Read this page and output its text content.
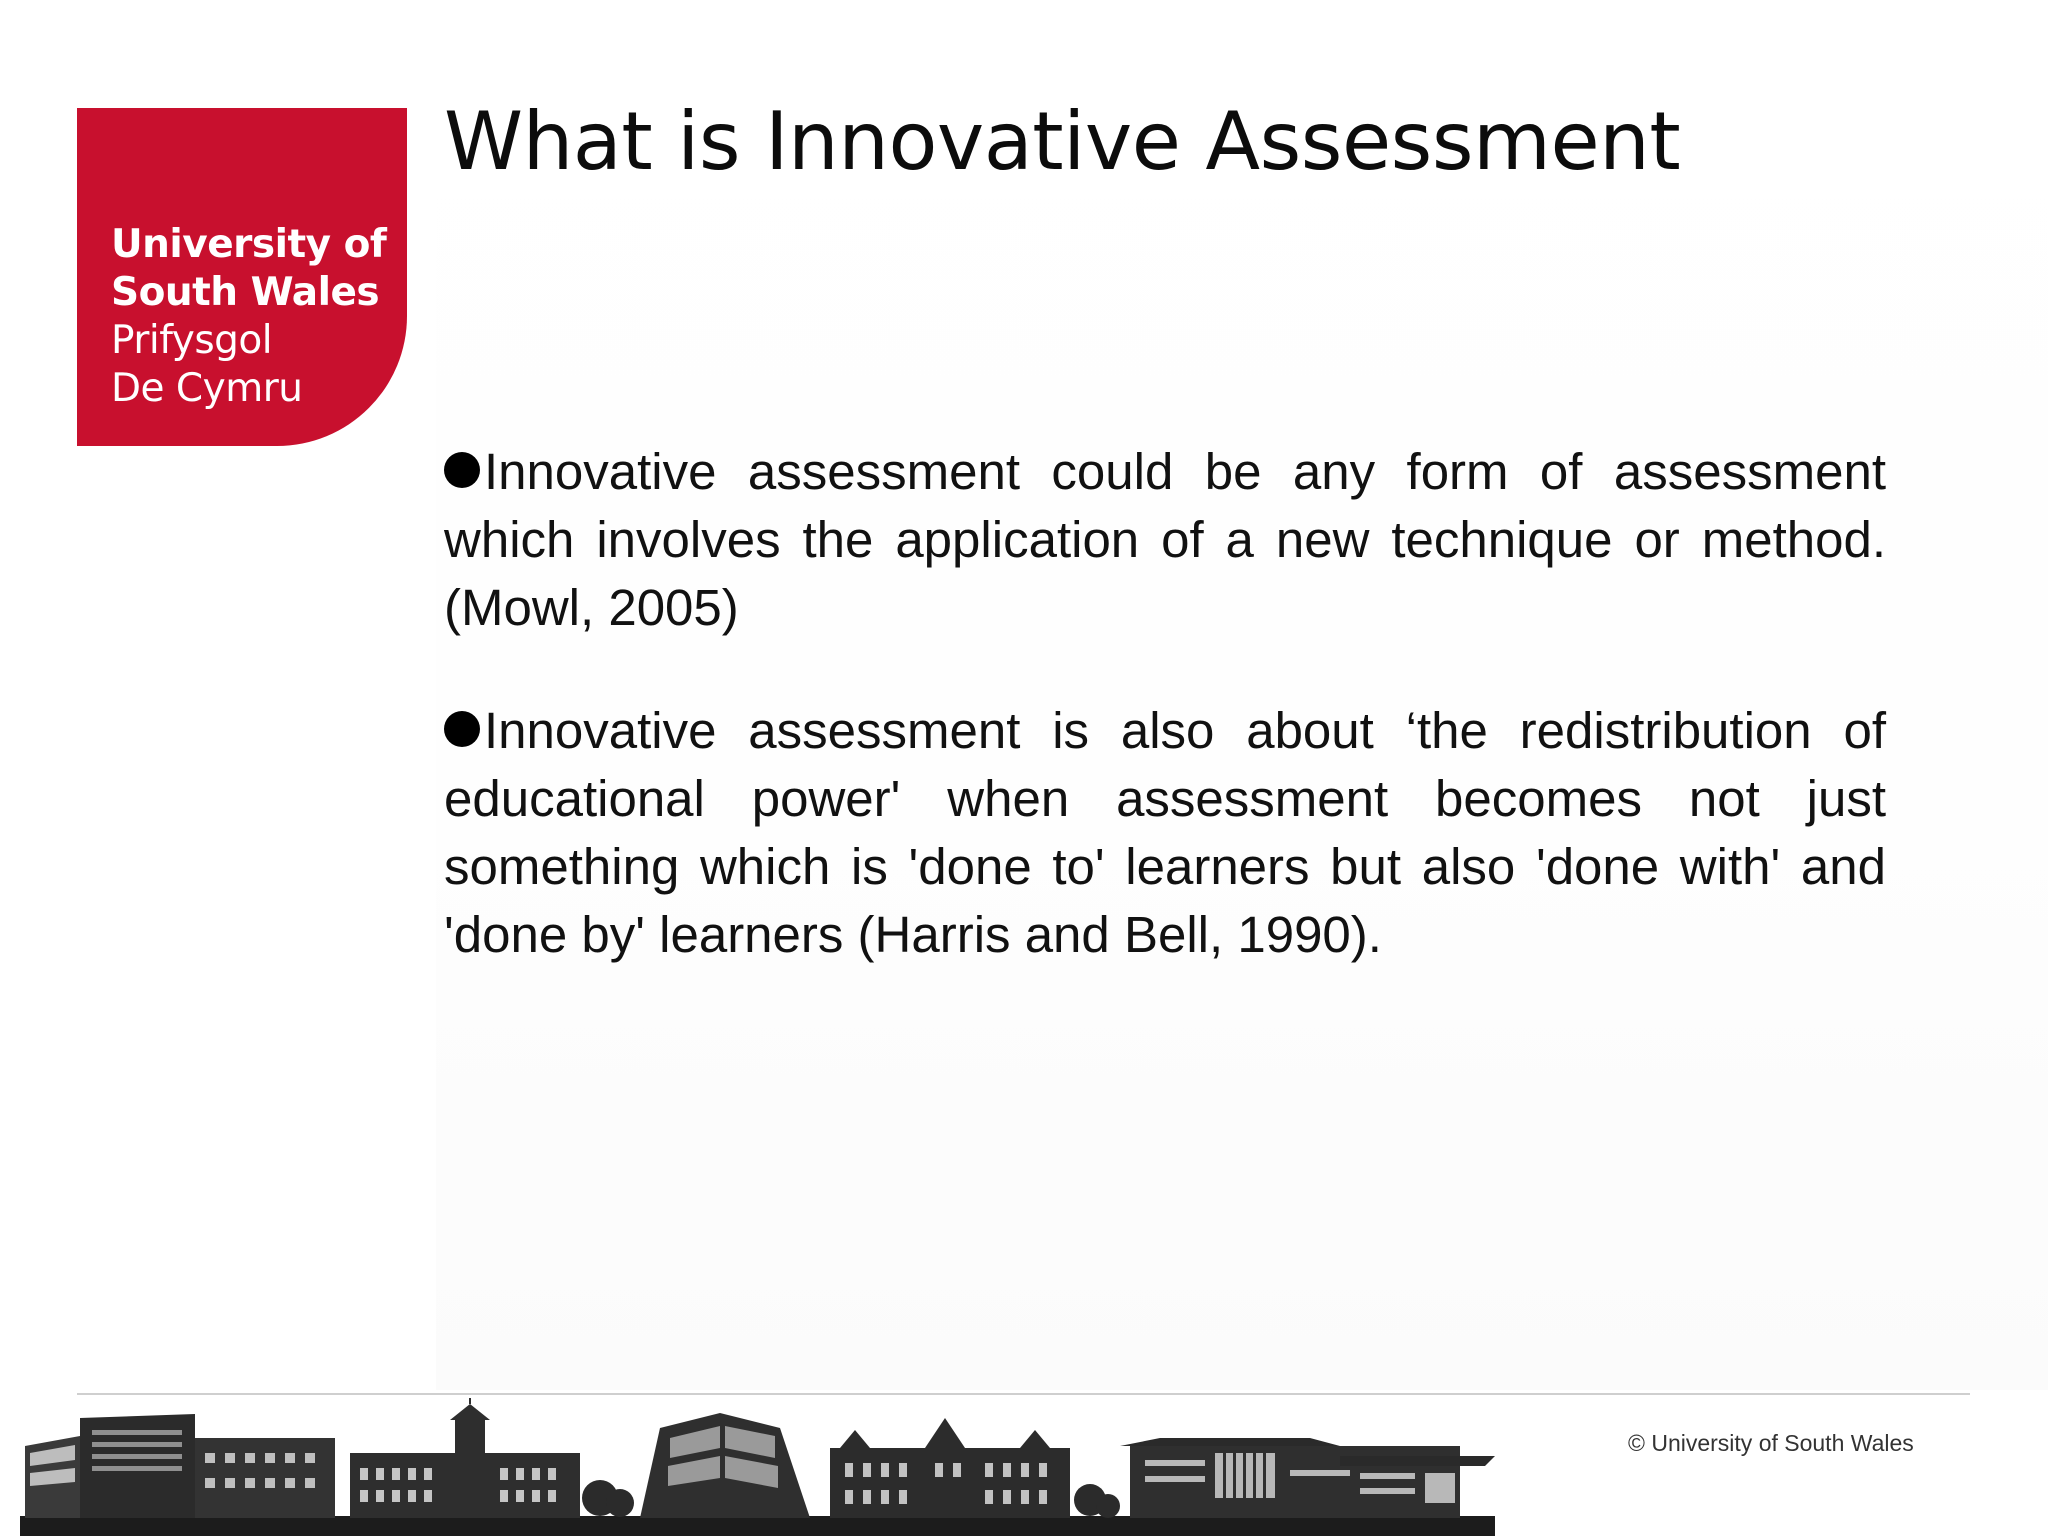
University of
South Wales
Prifysgol
De Cymru
What is Innovative Assessment
Innovative assessment could be any form of assessment which involves the application of a new technique or method. (Mowl, 2005)
Innovative assessment is also about ‘the redistribution of educational power' when assessment becomes not just something which is 'done to' learners but also 'done with' and 'done by' learners (Harris and Bell, 1990).
© University of South Wales
